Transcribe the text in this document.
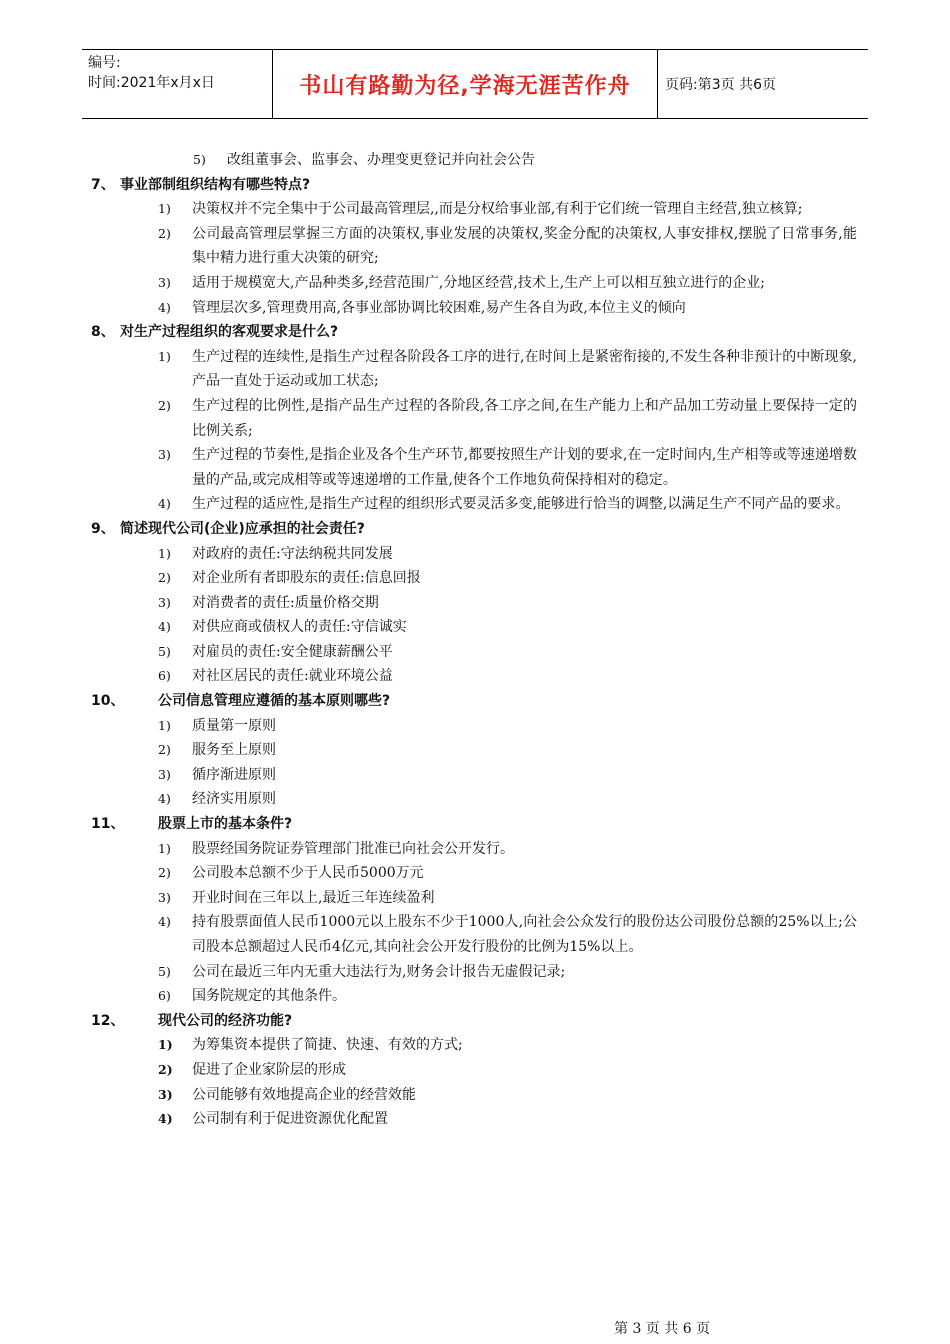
编号:
时间:2021年x月x日	书山有路勤为径,学海无涯苦作舟 页码:第3页 共6页
5) 改组董事会、监事会、办理变更登记并向社会公告
7、 事业部制组织结构有哪些特点?
1) 决策权并不完全集中于公司最高管理层,,而是分权给事业部,有利于它们统一管理自主经营,独立核算;
2) 公司最高管理层掌握三方面的决策权,事业发展的决策权,奖金分配的决策权,人事安排权,摆脱了日常事务,能集中精力进行重大决策的研究;
3) 适用于规模宽大,产品种类多,经营范围广,分地区经营,技术上,生产上可以相互独立进行的企业;
4) 管理层次多,管理费用高,各事业部协调比较困难,易产生各自为政,本位主义的倾向
8、 对生产过程组织的客观要求是什么?
1) 生产过程的连续性,是指生产过程各阶段各工序的进行,在时间上是紧密衔接的,不发生各种非预计的中断现象,产品一直处于运动或加工状态;
2) 生产过程的比例性,是指产品生产过程的各阶段,各工序之间,在生产能力上和产品加工劳动量上要保持一定的比例关系;
3) 生产过程的节奏性,是指企业及各个生产环节,都要按照生产计划的要求,在一定时间内,生产相等或等速递增数量的产品,或完成相等或等速递增的工作量,使各个工作地负荷保持相对的稳定。
4) 生产过程的适应性,是指生产过程的组织形式要灵活多变,能够进行恰当的调整,以满足生产不同产品的要求。
9、 简述现代公司(企业)应承担的社会责任?
1) 对政府的责任:守法纳税共同发展
2) 对企业所有者即股东的责任:信息回报
3) 对消费者的责任:质量价格交期
4) 对供应商或债权人的责任:守信诚实
5) 对雇员的责任:安全健康薪酬公平
6) 对社区居民的责任:就业环境公益
10、 公司信息管理应遵循的基本原则哪些?
1) 质量第一原则
2) 服务至上原则
3) 循序渐进原则
4) 经济实用原则
11、 股票上市的基本条件?
1) 股票经国务院证券管理部门批准已向社会公开发行。
2) 公司股本总额不少于人民币5000万元
3) 开业时间在三年以上,最近三年连续盈利
4) 持有股票面值人民币1000元以上股东不少于1000人,向社会公众发行的股份达公司股份总额的25%以上;公司股本总额超过人民币4亿元,其向社会公开发行股份的比例为15%以上。
5) 公司在最近三年内无重大违法行为,财务会计报告无虚假记录;
6) 国务院规定的其他条件。
12、 现代公司的经济功能?
1) 为筹集资本提供了简捷、快速、有效的方式;
2) 促进了企业家阶层的形成
3) 公司能够有效地提高企业的经营效能
4) 公司制有利于促进资源优化配置
第 3 页 共 6 页
